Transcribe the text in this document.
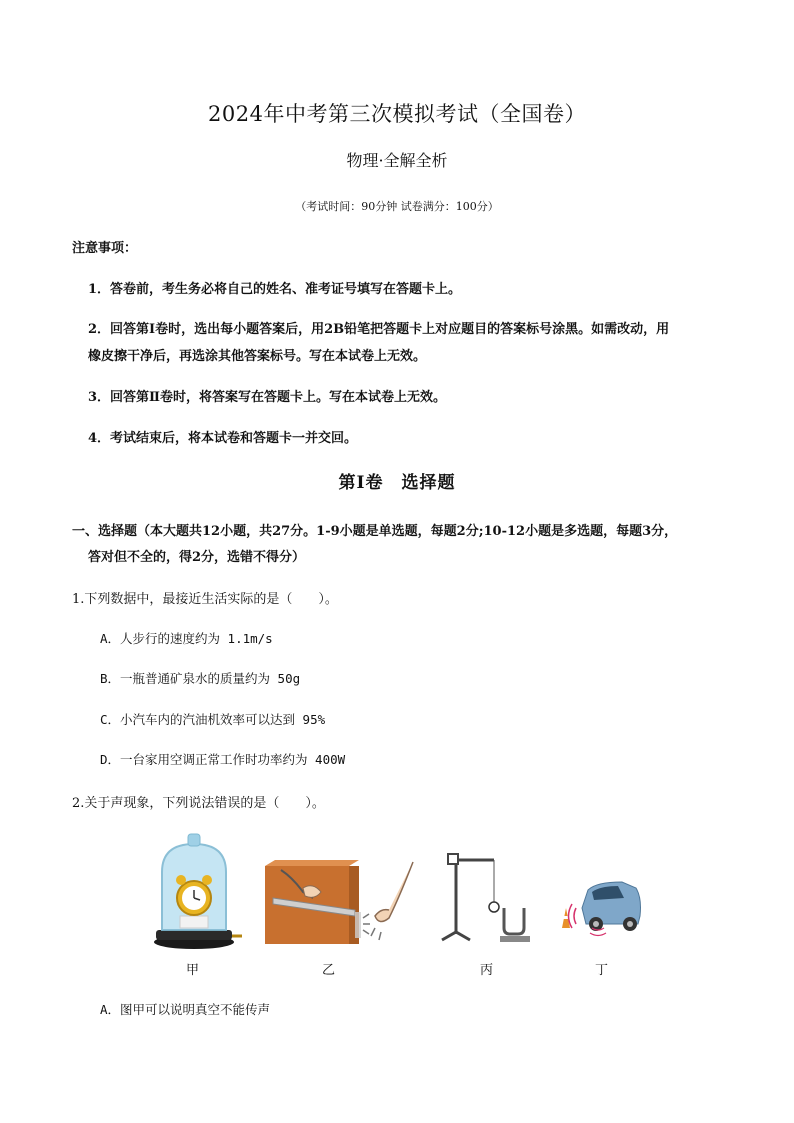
2024年中考第三次模拟考试（全国卷）
物理·全解全析
（考试时间：90分钟 试卷满分：100分）
注意事项：
1．答卷前，考生务必将自己的姓名、准考证号填写在答题卡上。
2．回答第Ⅰ卷时，选出每小题答案后，用2B铅笔把答题卡上对应题目的答案标号涂黑。如需改动，用
橡皮擦干净后，再选涂其他答案标号。写在本试卷上无效。
3．回答第Ⅱ卷时，将答案写在答题卡上。写在本试卷上无效。
4．考试结束后，将本试卷和答题卡一并交回。
第Ⅰ卷　选择题
一、选择题（本大题共12小题，共27分。1-9小题是单选题，每题2分;10-12小题是多选题，每题3分，
答对但不全的，得2分，选错不得分）
1.下列数据中，最接近生活实际的是（　　）。
A．人步行的速度约为 1.1m/s
B．一瓶普通矿泉水的质量约为 50g
C．小汽车内的汽油机效率可以达到 95%
D．一台家用空调正常工作时功率约为 400W
2.关于声现象，下列说法错误的是（　　）。
甲	乙	丙	丁
A．图甲可以说明真空不能传声
